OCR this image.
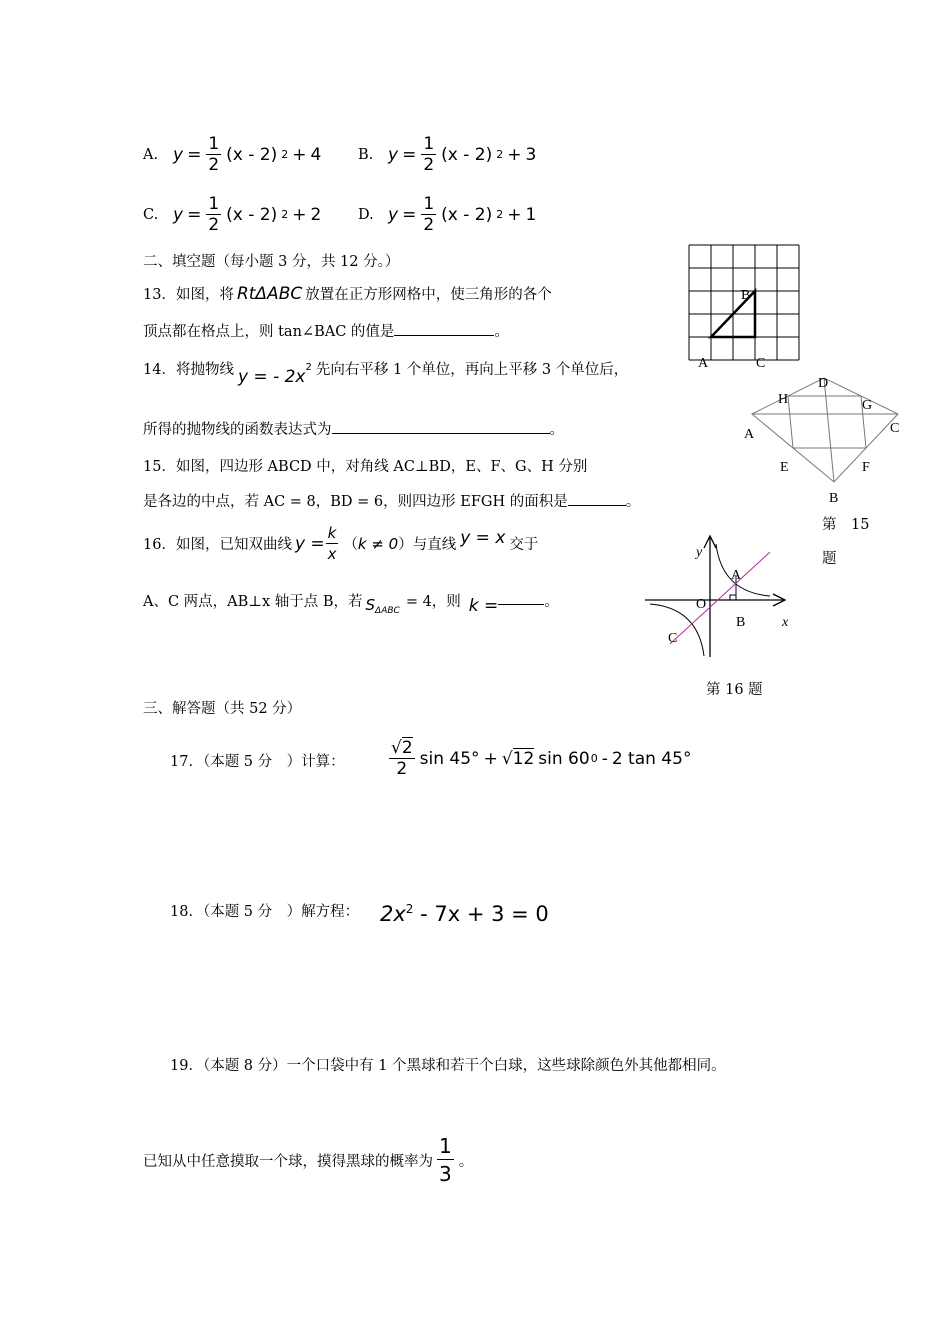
A. $y = \frac{1}{2} (x - 2) 2 + 4$	B. $y = \frac{1}{2} (x - 2) 2 + 3$
C. $y = \frac{1}{2} (x - 2) 2 + 2$	D. $y = \frac{1}{2} (x - 2) 2 + 1$
二、填空题（每小题 3 分，共 12 分。）
13．如图，将 RtΔABC 放置在正方形网格中，使三角形的各个
顶点都在格点上，则 tan∠BAC 的值是	。
14．将抛物线 y = - $2x^2$ 先向右平移 1 个单位，再向上平移 3 个单位后，
所得的抛物线的函数表达式为	。
15．如图，四边形 ABCD 中，对角线 AC⊥BD，E、F、G、H 分别
是各边的中点，若 AC = 8，BD = 6，则四边形 EFGH 的面积是	。
16．如图，已知双曲线 $y = \frac{k}{x}$ （ k ≠ 0 ） 与直线 y = x 交于
A、C 两点，AB⊥x 轴于点 B，若 S ΔABC
= 4，则 k =	。
A
B
C
D
H	G
C
A
E	F
B
第　15
题
y
A
O
B	x
C
第 16 题
三、解答题（共 52 分）
17．（本题 5 分　）计算：	$\frac{√2}{2}$ sin 45° + √12 sin 60 0 - 2 tan 45°
18．（本题 5 分　）解方程： $2x^2 - 7x + 3 = 0$
19．（本题 8 分）一个口袋中有 1 个黑球和若干个白球，这些球除颜色外其他都相同。
已知从中任意摸取一个球，摸得黑球的概率为 $\frac{1}{3}$ 。
